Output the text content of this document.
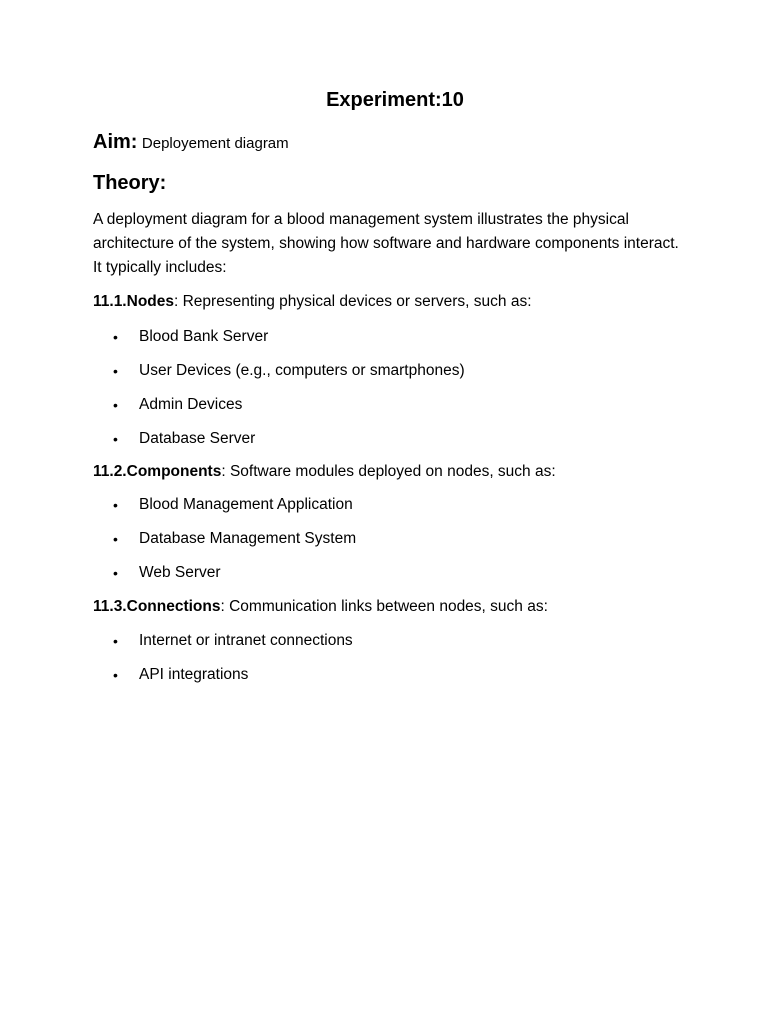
Experiment:10
Aim: Deployement diagram
Theory:
A deployment diagram for a blood management system illustrates the physical architecture of the system, showing how software and hardware components interact. It typically includes:
11.1.Nodes: Representing physical devices or servers, such as:
•	Blood Bank Server
•	User Devices (e.g., computers or smartphones)
•	Admin Devices
•	Database Server
11.2.Components: Software modules deployed on nodes, such as:
•	Blood Management Application
•	Database Management System
•	Web Server
11.3.Connections: Communication links between nodes, such as:
•	Internet or intranet connections
•	API integrations
